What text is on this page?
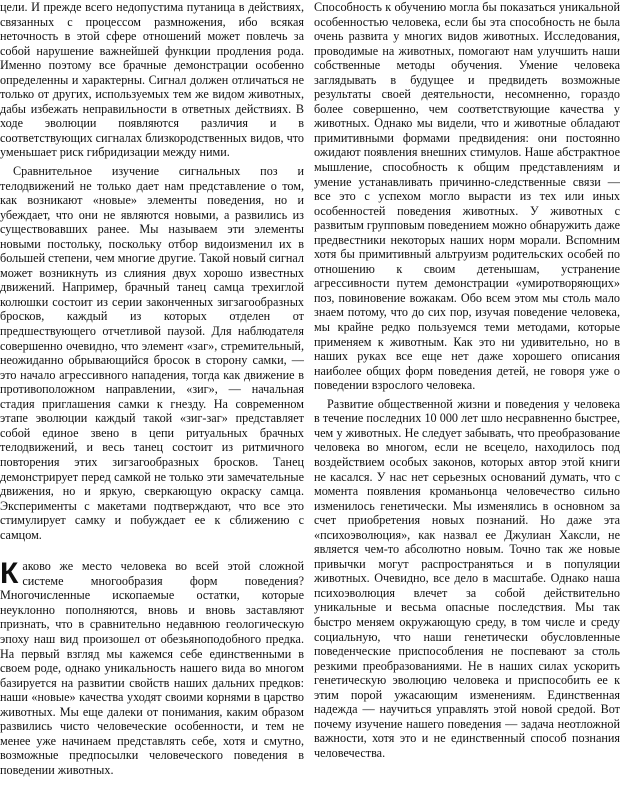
цели. И прежде всего недопустима путаница в действиях, связанных с процессом размножения, ибо всякая неточность в этой сфере отношений может повлечь за собой нарушение важнейшей функции продления рода. Именно поэтому все брачные демонстрации особенно определенны и характерны. Сигнал должен отличаться не только от других, используемых тем же видом животных, дабы избежать неправильности в ответных действиях. В ходе эволюции появляются различия и в соответствующих сигналах близкородственных видов, что уменьшает риск гибридизации между ними.

Сравнительное изучение сигнальных поз и телодвижений не только дает нам представление о том, как возникают «новые» элементы поведения, но и убеждает, что они не являются новыми, а развились из существовавших ранее. Мы называем эти элементы новыми постольку, поскольку отбор видоизменил их в большей степени, чем многие другие. Такой новый сигнал может возникнуть из слияния двух хорошо известных движений. Например, брачный танец самца трехиглой колюшки состоит из серии законченных зигзагообразных бросков, каждый из которых отделен от предшествующего отчетливой паузой. Для наблюдателя совершенно очевидно, что элемент «заг», стремительный, неожиданно обрывающийся бросок в сторону самки, — это начало агрессивного нападения, тогда как движение в противоположном направлении, «зиг», — начальная стадия приглашения самки к гнезду. На современном этапе эволюции каждый такой «зиг-заг» представляет собой единое звено в цепи ритуальных брачных телодвижений, и весь танец состоит из ритмичного повторения этих зигзагообразных бросков. Танец демонстрирует перед самкой не только эти замечательные движения, но и яркую, сверкающую окраску самца. Эксперименты с макетами подтверждают, что все это стимулирует самку и побуждает ее к сближению с самцом.

К аково же место человека во всей этой сложной системе многообразия форм поведения? Многочисленные ископаемые остатки, которые неуклонно пополняются, вновь и вновь заставляют признать, что в сравнительно недавнюю геологическую эпоху наш вид произошел от обезьяноподобного предка. На первый взгляд мы кажемся себе единственными в своем роде, однако уникальность нашего вида во многом базируется на развитии свойств наших дальних предков: наши «новые» качества уходят своими корнями в царство животных. Мы еще далеки от понимания, каким образом развились чисто человеческие особенности, и тем не менее уже начинаем представлять себе, хотя и смутно, возможные предпосылки человеческого поведения в поведении животных.

Способность к обучению могла бы показаться уникальной особенностью человека, если бы эта способность не была очень развита у многих видов животных. Исследования, проводимые на животных, помогают нам улучшить наши собственные методы обучения. Умение человека заглядывать в будущее и предвидеть возможные результаты своей деятельности, несомненно, гораздо более совершенно, чем соответствующие качества у животных. Однако мы видели, что и животные обладают примитивными формами предвидения: они постоянно ожидают появления внешних стимулов. Наше абстрактное мышление, способность к общим представлениям и умение устанавливать причинно-следственные связи — все это с успехом могло вырасти из тех или иных особенностей поведения животных. У животных с развитым групповым поведением можно обнаружить даже предвестники некоторых наших норм морали. Вспомним хотя бы примитивный альтруизм родительских особей по отношению к своим детенышам, устранение агрессивности путем демонстрации «умиротворяющих» поз, повиновение вожакам. Обо всем этом мы столь мало знаем потому, что до сих пор, изучая поведение человека, мы крайне редко пользуемся теми методами, которые применяем к животным. Как это ни удивительно, но в наших руках все еще нет даже хорошего описания наиболее общих форм поведения детей, не говоря уже о поведении взрослого человека.

Развитие общественной жизни и поведения у человека в течение последних 10 000 лет шло несравненно быстрее, чем у животных. Не следует забывать, что преобразование человека во многом, если не всецело, находилось под воздействием особых законов, которых автор этой книги не касался. У нас нет серьезных оснований думать, что с момента появления кроманьонца человечество сильно изменилось генетически. Мы изменялись в основном за счет приобретения новых познаний. Но даже эта «психоэволюция», как назвал ее Джулиан Хаксли, не является чем-то абсолютно новым. Точно так же новые привычки могут распространяться и в популяции животных. Очевидно, все дело в масштабе. Однако наша психоэволюция влечет за собой действительно уникальные и весьма опасные последствия. Мы так быстро меняем окружающую среду, в том числе и среду социальную, что наши генетически обусловленные поведенческие приспособления не поспевают за столь резкими преобразованиями. Не в наших силах ускорить генетическую эволюцию человека и приспособить ее к этим порой ужасающим изменениям. Единственная надежда — научиться управлять этой новой средой. Вот почему изучение нашего поведения — задача неотложной важности, хотя это и не единственный способ познания человечества.
